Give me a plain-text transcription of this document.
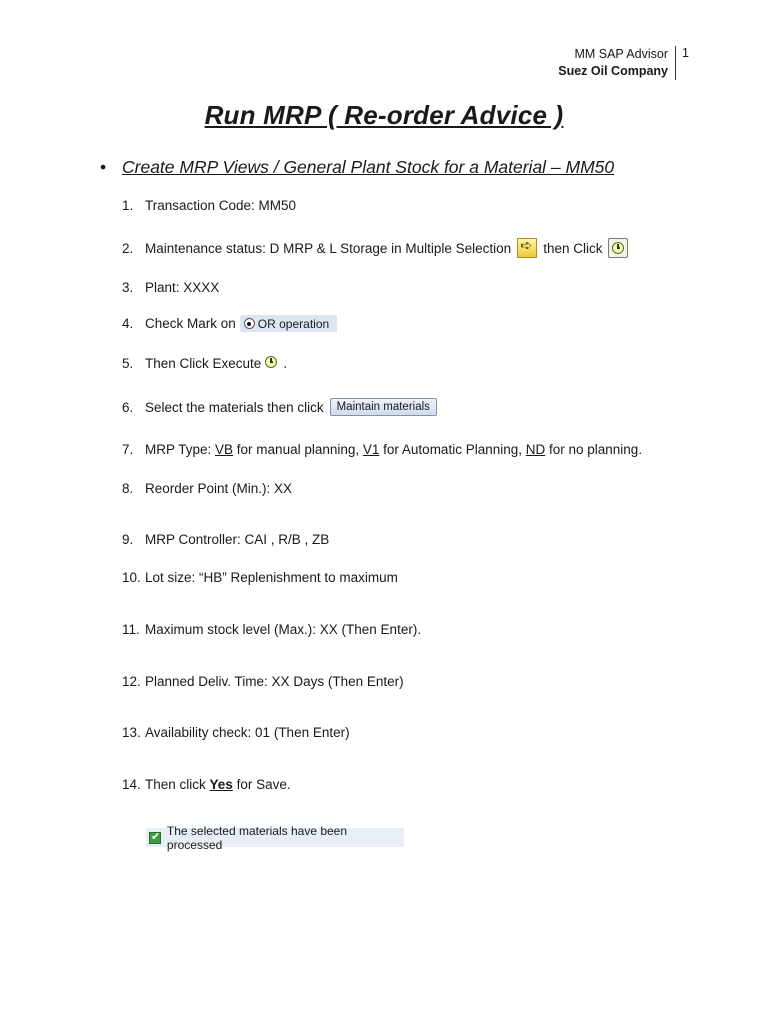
MM SAP Advisor
Suez Oil Company
1
Run MRP ( Re-order Advice )
• Create MRP Views / General Plant Stock for a Material – MM50
1. Transaction Code: MM50
2. Maintenance status: D MRP & L Storage in Multiple Selection
➪ then Click
3. Plant: XXXX
4. Check Mark on OR operation
5. Then Click Execute .
6. Select the materials then click	Maintain materials
7. MRP Type: VB for manual planning, V1 for Automatic Planning, ND for no planning.
8. Reorder Point (Min.): XX
9. MRP Controller: CAI , R/B , ZB
10. Lot size: “HB” Replenishment to maximum
11. Maximum stock level (Max.): XX (Then Enter).
12. Planned Deliv. Time: XX Days (Then Enter)
13. Availability check: 01 (Then Enter)
14. Then click Yes for Save.
✔
The selected materials have been processed
